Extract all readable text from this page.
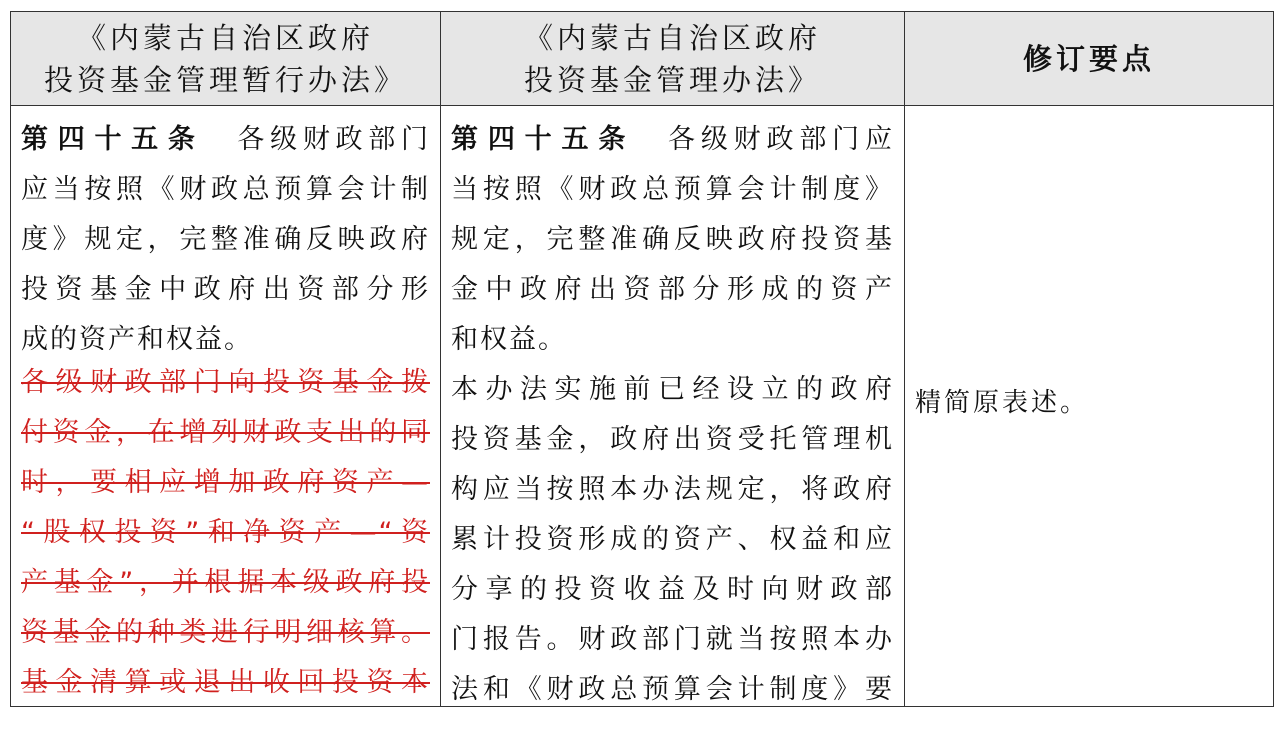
《内蒙古自治区政府
投资基金管理暂行办法》
《内蒙古自治区政府
投资基金管理办法》
修订要点
第四十五条　 各级财政部门
应当按照《财政总预算会计制
度》规定，完整准确反映政府
投资基金中政府出资部分形
成的资产和权益。
各级财政部门向投资基金拨
付资金，在增列财政支出的同
时，要相应增加政府资产—
“股权投资”和净资产—“资
产基金”，并根据本级政府投
资基金的种类进行明细核算。
基金清算或退出收回投资本
第四十五条　 各级财政部门应
当按照《财政总预算会计制度》
规定，完整准确反映政府投资基
金中政府出资部分形成的资产
和权益。
本办法实施前已经设立的政府
投资基金，政府出资受托管理机
构应当按照本办法规定，将政府
累计投资形成的资产、权益和应
分享的投资收益及时向财政部
门报告。财政部门就当按照本办
法和《财政总预算会计制度》要
精简原表述。
